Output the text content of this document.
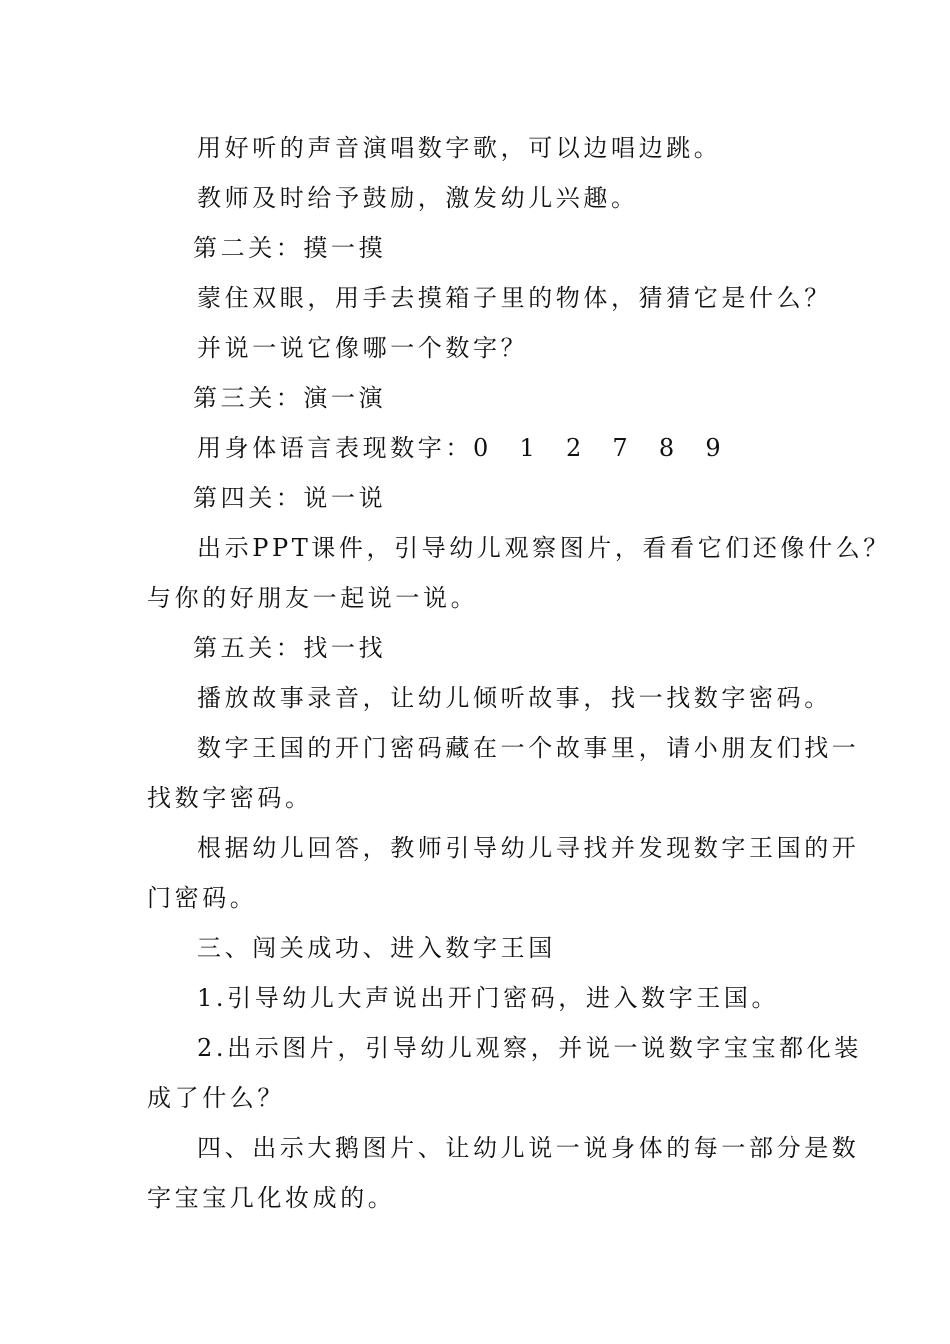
用好听的声音演唱数字歌，可以边唱边跳。
教师及时给予鼓励，激发幼儿兴趣。
第二关：摸一摸
蒙住双眼，用手去摸箱子里的物体，猜猜它是什么？
并说一说它像哪一个数字？
第三关：演一演
用身体语言表现数字：0　1　2　7　8　9
第四关：说一说
出示PPT课件，引导幼儿观察图片，看看它们还像什么？
与你的好朋友一起说一说。
第五关：找一找
播放故事录音，让幼儿倾听故事，找一找数字密码。
数字王国的开门密码藏在一个故事里，请小朋友们找一
找数字密码。
根据幼儿回答，教师引导幼儿寻找并发现数字王国的开
门密码。
三、闯关成功、进入数字王国
1.引导幼儿大声说出开门密码，进入数字王国。
2.出示图片，引导幼儿观察，并说一说数字宝宝都化装
成了什么？
四、出示大鹅图片、让幼儿说一说身体的每一部分是数
字宝宝几化妆成的。
